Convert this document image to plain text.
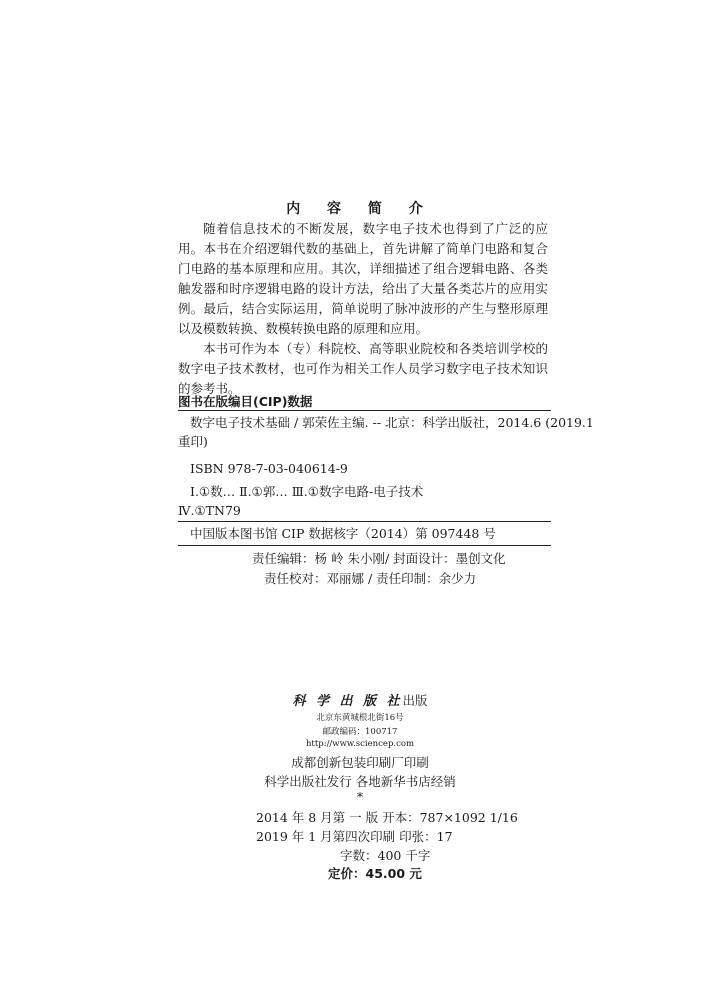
内 容 简 介

随着信息技术的不断发展，数字电子技术也得到了广泛的应用。本书在介绍逻辑代数的基础上，首先讲解了简单门电路和复合门电路的基本原理和应用。其次，详细描述了组合逻辑电路、各类触发器和时序逻辑电路的设计方法，给出了大量各类芯片的应用实例。最后，结合实际运用，简单说明了脉冲波形的产生与整形原理以及模数转换、数模转换电路的原理和应用。

本书可作为本（专）科院校、高等职业院校和各类培训学校的数字电子技术教材，也可作为相关工作人员学习数字电子技术知识的参考书。

图书在版编目(CIP)数据
数字电子技术基础 / 郭荣佐主编. -- 北京：科学出版社，2014.6 (2019.1
重印)
ISBN 978-7-03-040614-9
Ⅰ.①数… Ⅱ.①郭… Ⅲ.①数字电路-电子技术
Ⅳ.①TN79
中国版本图书馆 CIP 数据核字（2014）第 097448 号
责任编辑：杨 岭 朱小刚/ 封面设计：墨创文化
责任校对：邓丽娜 / 责任印制：余少力
科 学 出 版 社出版
北京东黄城根北街16号
邮政编码：100717
http://www.sciencep.com
成都创新包装印刷厂印刷
科学出版社发行 各地新华书店经销
*
2014 年 8 月第 一 版 开本：787×1092 1/16
2019 年 1 月第四次印刷 印张：17
字数：400 千字
定价：45.00 元
